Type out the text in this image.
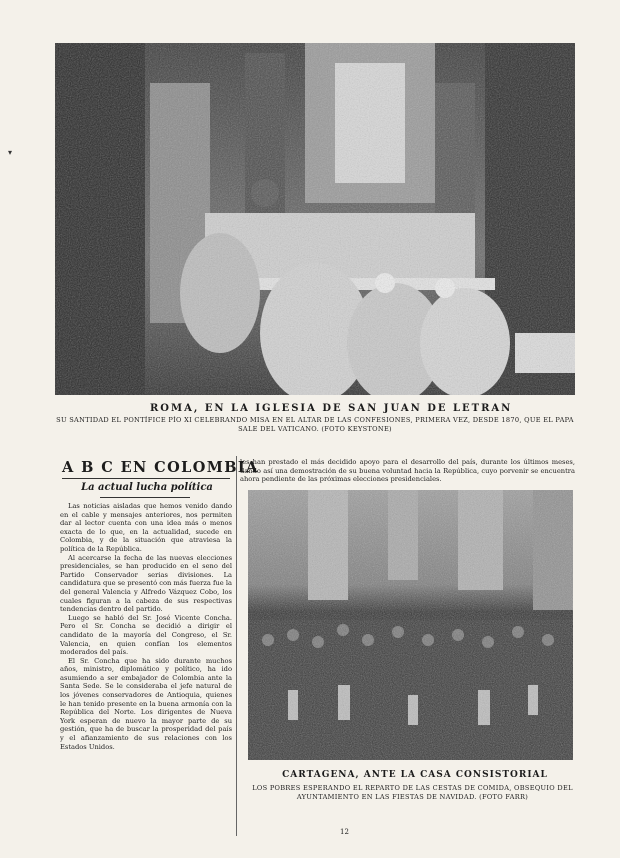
ROMA, EN LA IGLESIA DE SAN JUAN DE LETRAN
SU SANTIDAD EL PONTÍFICE PÍO XI CELEBRANDO MISA EN EL ALTAR DE LAS CONFESIONES, PRIMERA VEZ, DESDE 1870, QUE EL PAPA SALE DEL VATICANO. (FOTO KEYSTONE)
A B C EN COLOMBIA
La actual lucha política

Las noticias aisladas que hemos venido dando en el cable y mensajes anteriores, nos permiten dar al lector cuenta con una idea más o menos exacta de lo que, en la actualidad, sucede en Colombia, y de la situación que atraviesa la política de la República.

Al acercarse la fecha de las nuevas elecciones presidenciales, se han producido en el seno del Partido Conservador serias divisiones. La candidatura que se presentó con más fuerza fue la del general Valencia y Alfredo Vázquez Cobo, los cuales figuran a la cabeza de sus respectivas tendencias dentro del partido.

Luego se habló del Sr. José Vicente Concha. Pero el Sr. Concha se decidió a dirigir el candidato de la mayoría del Congreso, el Sr. Valencia, en quien confían los elementos moderados del país.

El Sr. Concha que ha sido durante muchos años, ministro, diplomático y político, ha ido asumiendo a ser embajador de Colombia ante la Santa Sede. Se le consideraba el jefe natural de los jóvenes conservadores de Antioquia, quienes le han tenido presente en la buena armonía con la República del Norte. Los dirigentes de Nueva York esperan de nuevo la mayor parte de su gestión, que ha de buscar la prosperidad del país y el afianzamiento de sus relaciones con los Estados Unidos.

les han prestado el más decidido apoyo para el desarrollo del país, durante los últimos meses, dando así una demostración de su buena voluntad hacia la República, cuyo porvenir se encuentra ahora pendiente de las próximas elecciones presidenciales.
CARTAGENA, ANTE LA CASA CONSISTORIAL
LOS POBRES ESPERANDO EL REPARTO DE LAS CESTAS DE COMIDA, OBSEQUIO DEL AYUNTAMIENTO EN LAS FIESTAS DE NAVIDAD. (FOTO FARR)
12
▾
